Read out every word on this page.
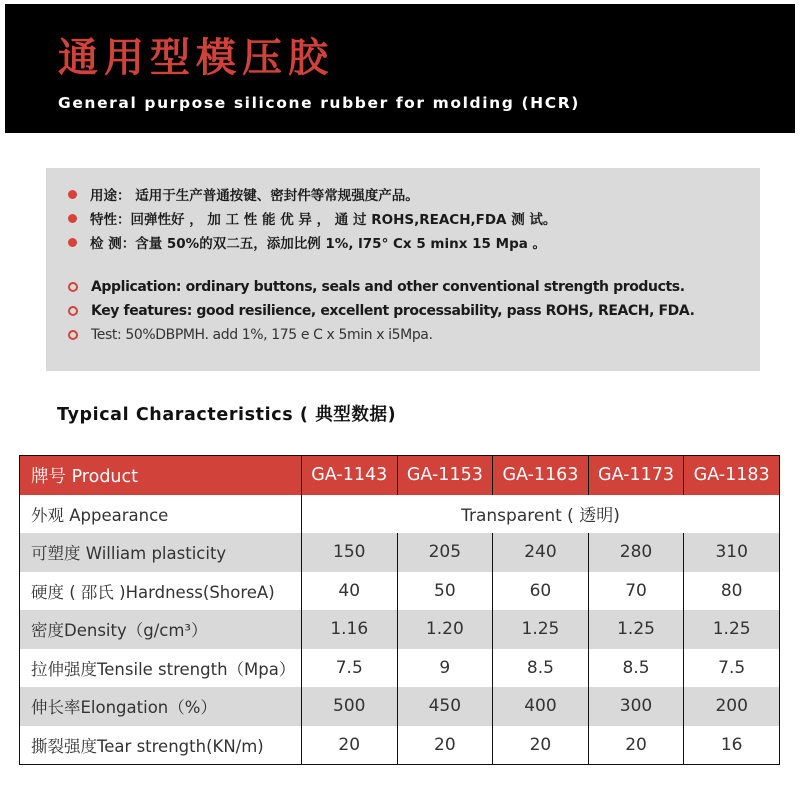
通用型模压胶
General purpose silicone rubber for molding (HCR)
用途： 适用于生产普通按键、密封件等常规强度产品。
特性：回弹性好 ， 加 工 性 能 优 异 ， 通 过 ROHS,REACH,FDA 测 试。
检 测：含量 50%的双二五，添加比例 1%, l75° Cx 5 minx 15 Mpa 。
Application: ordinary buttons, seals and other conventional strength products.
Key features: good resilience, excellent processability, pass ROHS, REACH, FDA.
Test: 50%DBPMH. add 1%, 175 e C x 5min x i5Mpa.
Typical Characteristics ( 典型数据)
牌号 Product	GA-1143	GA-1153	GA-1163	GA-1173	GA-1183
外观 Appearance	Transparent ( 透明)				
可塑度 William plasticity	150	205	240	280	310
硬度 ( 邵氏 )Hardness(ShoreA)	40	50	60	70	80
密度Density（g/cm³）	1.16	1.20	1.25	1.25	1.25
拉伸强度Tensile strength（Mpa）	7.5	9	8.5	8.5	7.5
伸长率Elongation（%）	500	450	400	300	200
撕裂强度Tear strength(KN/m)	20	20	20	20	16
